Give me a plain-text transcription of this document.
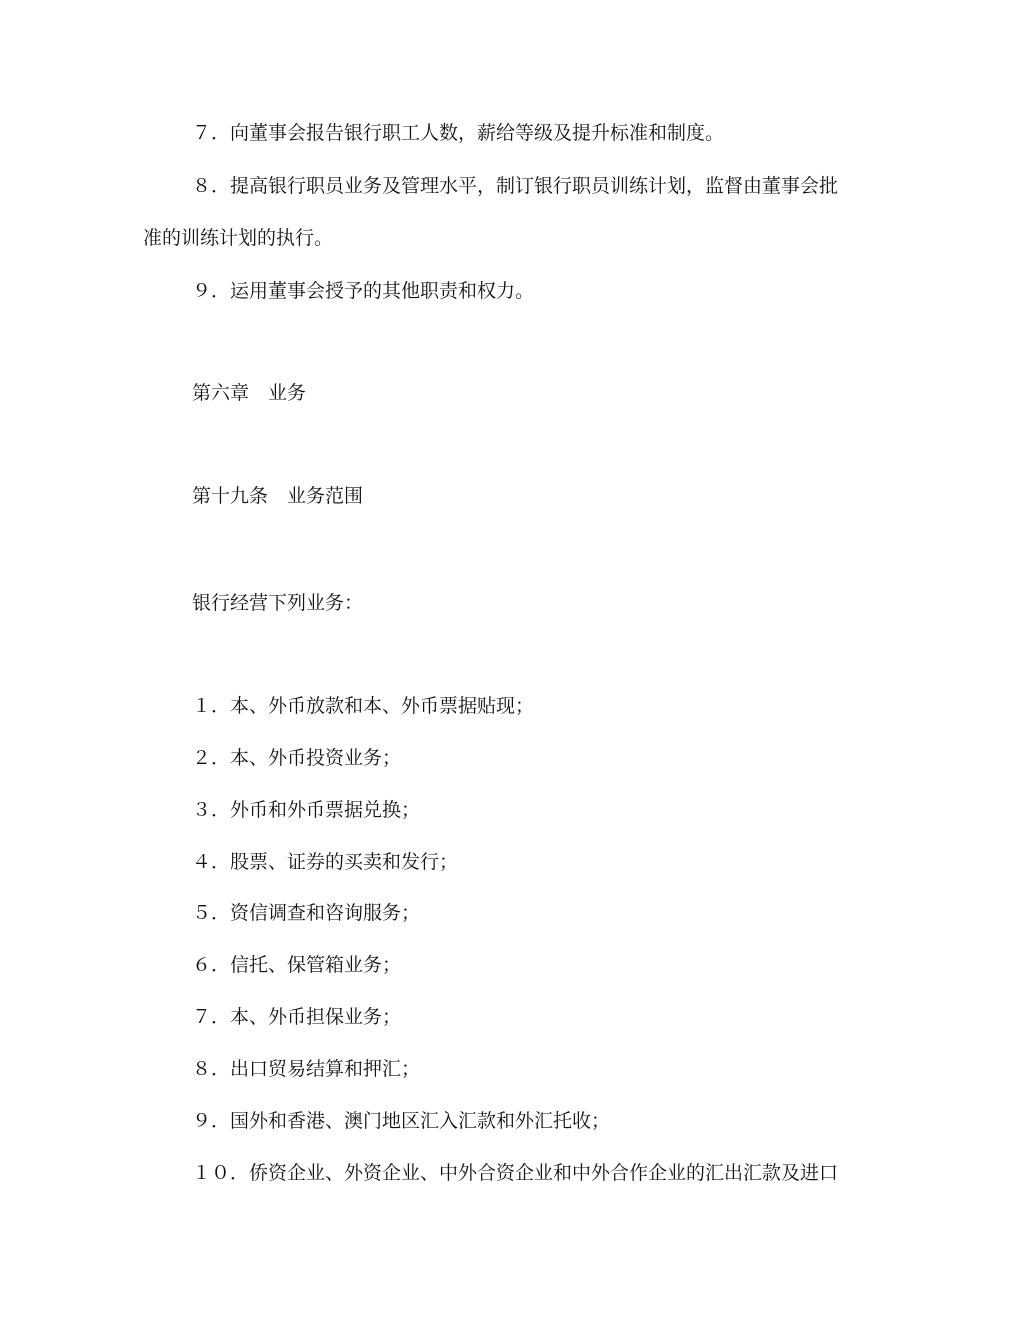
７．向董事会报告银行职工人数，薪给等级及提升标准和制度。
８．提高银行职员业务及管理水平，制订银行职员训练计划，监督由董事会批
准的训练计划的执行。
９．运用董事会授予的其他职责和权力。
第六章　业务
第十九条　业务范围
银行经营下列业务：
１．本、外币放款和本、外币票据贴现；
２．本、外币投资业务；
３．外币和外币票据兑换；
４．股票、证券的买卖和发行；
５．资信调查和咨询服务；
６．信托、保管箱业务；
７．本、外币担保业务；
８．出口贸易结算和押汇；
９．国外和香港、澳门地区汇入汇款和外汇托收；
１０．侨资企业、外资企业、中外合资企业和中外合作企业的汇出汇款及进口
